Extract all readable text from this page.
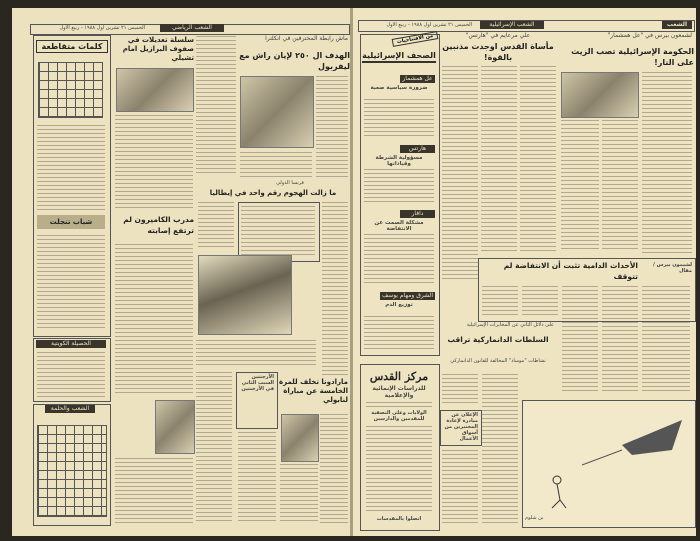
الخميس ٢١ تشرين اول ١٩٨٨ - ربيع الاول	الشعب الرياضي
كلمات متقاطعة
شباب تنجلت
الحصيلة الكويتية
الشعب والحلمة
سلسلة تعديلات في صفوف البرازيل امام تشيلي
مدرب الكاميرون لم ترتفع إصابته
ماش رابطة المحترفين في انكلترا
الهدف ال ٢٥٠ لإيان راش مع ليفربول
فرنسا الدولي
ما زالت الهجوم رقم واحد في إيطاليا
الأرجنتين السبب الثاني في الأرجنتين
مارادونا تخلف للمرة الخامسة عن مباراة لنابولي
الخميس ٢١ تشرين اول ١٩٨٨ - ربيع الاول	الشعب الإسرائيلية	الشعب
من الافتتاحيات
الصحف الإسرائيلية
عل همشمار
ضرورة سياسية صعبة
هآرتس
مسؤولية الشرطة وقياداتها
دافار
مشكلة الصمت عن الانتفاضة
الشرق ومهام يوسف
توزيع الدم
مركز القدس
للدراسات الإنمائية والإعلامية
الولايات وعلى التصفية للمقدمين والدارسين
اتصلوا بالمقدسات
علي مرعايم في "هآرتس"
مأساة القدس اوجدت مذنبين بالقوة!
لشمعون بيرس في "عل همشمار"
الحكومة الإسرائيلية تصب الزيت على النار!
لشيمون بيرس / مقال
الأحداث الدامية تثبت أن الانتفاضة لم تتوقف
على دلائل الثاني عن المخابرات الإسرائيلية
السلطات الدانماركية تراقب
نشاطات "موساد" المخالفة للقانون الدانماركي
الإعلان عن مبادرة لإعادة المختبرين من أسواق الأعمال
بن شلوم
